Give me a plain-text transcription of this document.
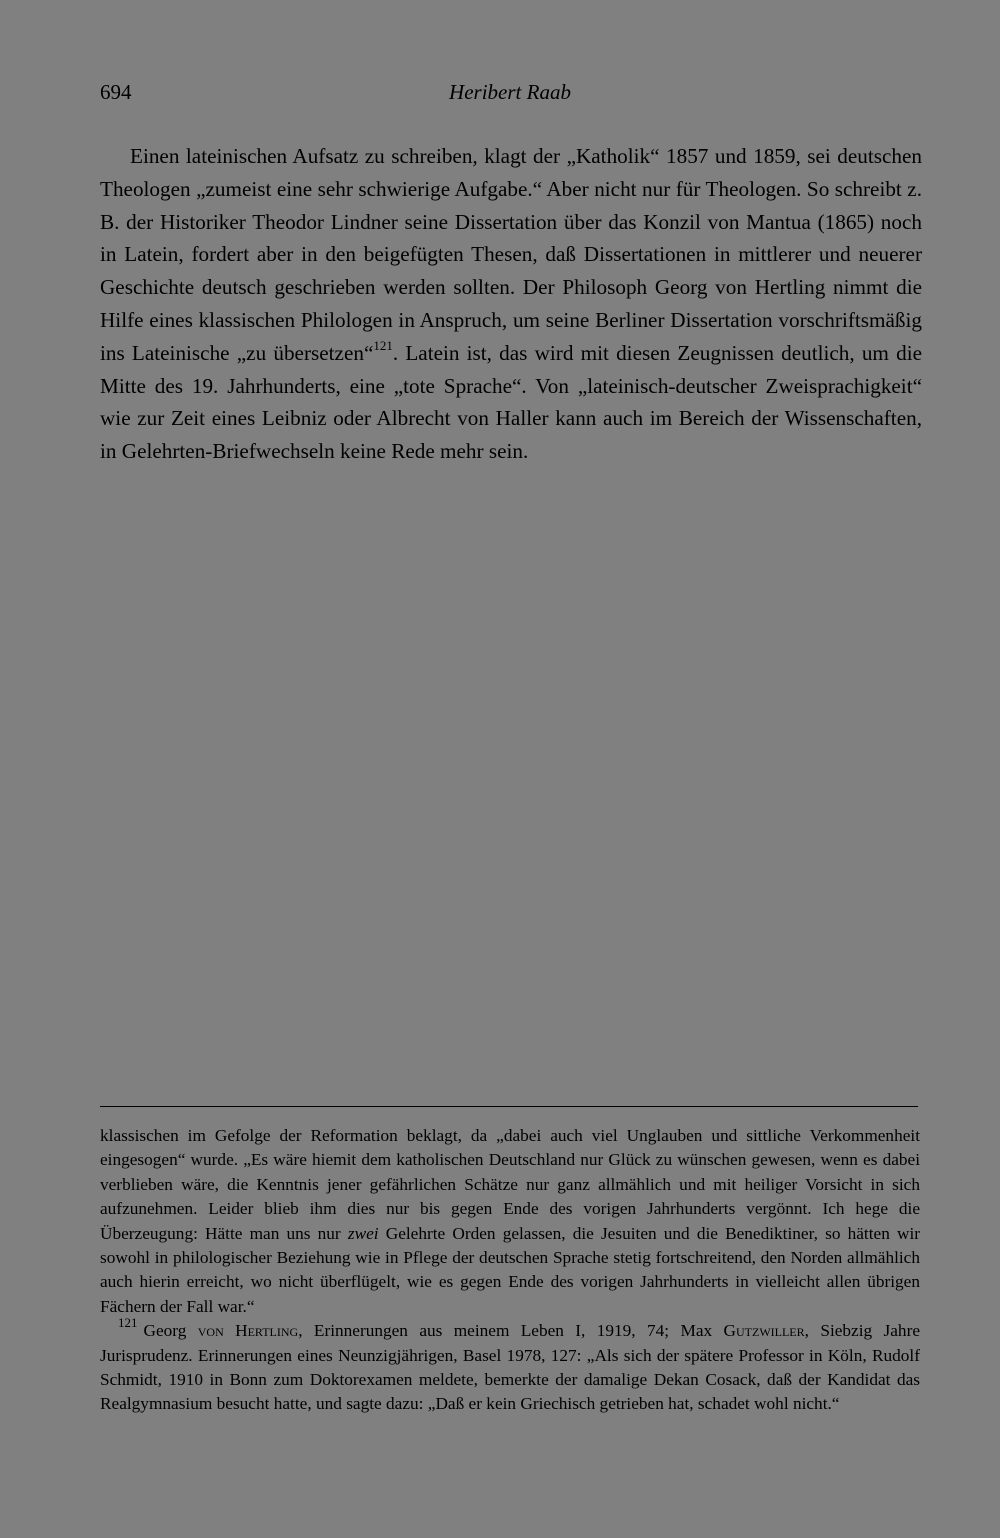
694	Heribert Raab

Einen lateinischen Aufsatz zu schreiben, klagt der „Katholik“ 1857 und 1859, sei deutschen Theologen „zumeist eine sehr schwierige Aufgabe.“ Aber nicht nur für Theologen. So schreibt z. B. der Historiker Theodor Lindner seine Dissertation über das Konzil von Mantua (1865) noch in Latein, fordert aber in den beigefügten Thesen, daß Dissertationen in mittlerer und neuerer Geschichte deutsch geschrieben werden sollten. Der Philosoph Georg von Hertling nimmt die Hilfe eines klassischen Philologen in Anspruch, um seine Berliner Dissertation vorschriftsmäßig ins Lateinische „zu übersetzen“$^{121}$. Latein ist, das wird mit diesen Zeugnissen deutlich, um die Mitte des 19. Jahrhunderts, eine „tote Sprache“. Von „lateinisch-deutscher Zweisprachigkeit“ wie zur Zeit eines Leibniz oder Albrecht von Haller kann auch im Bereich der Wissenschaften, in Gelehrten-Briefwechseln keine Rede mehr sein.

klassischen im Gefolge der Reformation beklagt, da „dabei auch viel Unglauben und sittliche Verkommenheit eingesogen“ wurde. „Es wäre hiemit dem katholischen Deutschland nur Glück zu wünschen gewesen, wenn es dabei verblieben wäre, die Kenntnis jener gefährlichen Schätze nur ganz allmählich und mit heiliger Vorsicht in sich aufzunehmen. Leider blieb ihm dies nur bis gegen Ende des vorigen Jahrhunderts vergönnt. Ich hege die Überzeugung: Hätte man uns nur zwei Gelehrte Orden gelassen, die Jesuiten und die Benediktiner, so hätten wir sowohl in philologischer Beziehung wie in Pflege der deutschen Sprache stetig fortschreitend, den Norden allmählich auch hierin erreicht, wo nicht überflügelt, wie es gegen Ende des vorigen Jahrhunderts in vielleicht allen übrigen Fächern der Fall war.“

$^{121}$ Georg von Hertling, Erinnerungen aus meinem Leben I, 1919, 74; Max Gutzwiller, Siebzig Jahre Jurisprudenz. Erinnerungen eines Neunzigjährigen, Basel 1978, 127: „Als sich der spätere Professor in Köln, Rudolf Schmidt, 1910 in Bonn zum Doktorexamen meldete, bemerkte der damalige Dekan Cosack, daß der Kandidat das Realgymnasium besucht hatte, und sagte dazu: „Daß er kein Griechisch getrieben hat, schadet wohl nicht.“
